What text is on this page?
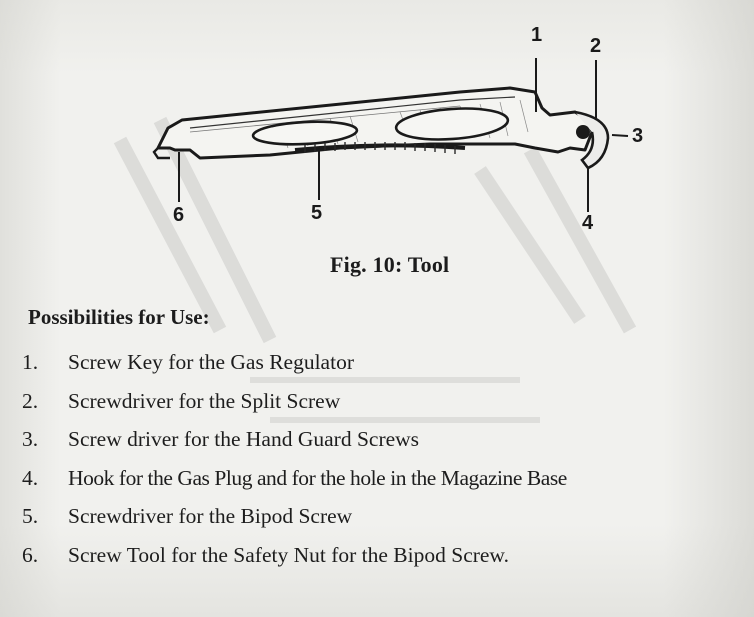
1 2
3
4
5
6
Fig. 10: Tool
Possibilities for Use:
1.	Screw Key for the Gas Regulator
2.	Screwdriver for the Split Screw
3.	Screw driver for the Hand Guard Screws
4.	Hook for the Gas Plug and for the hole in the Magazine Base
5.	Screwdriver for the Bipod Screw
6.	Screw Tool for the Safety Nut for the Bipod Screw.
